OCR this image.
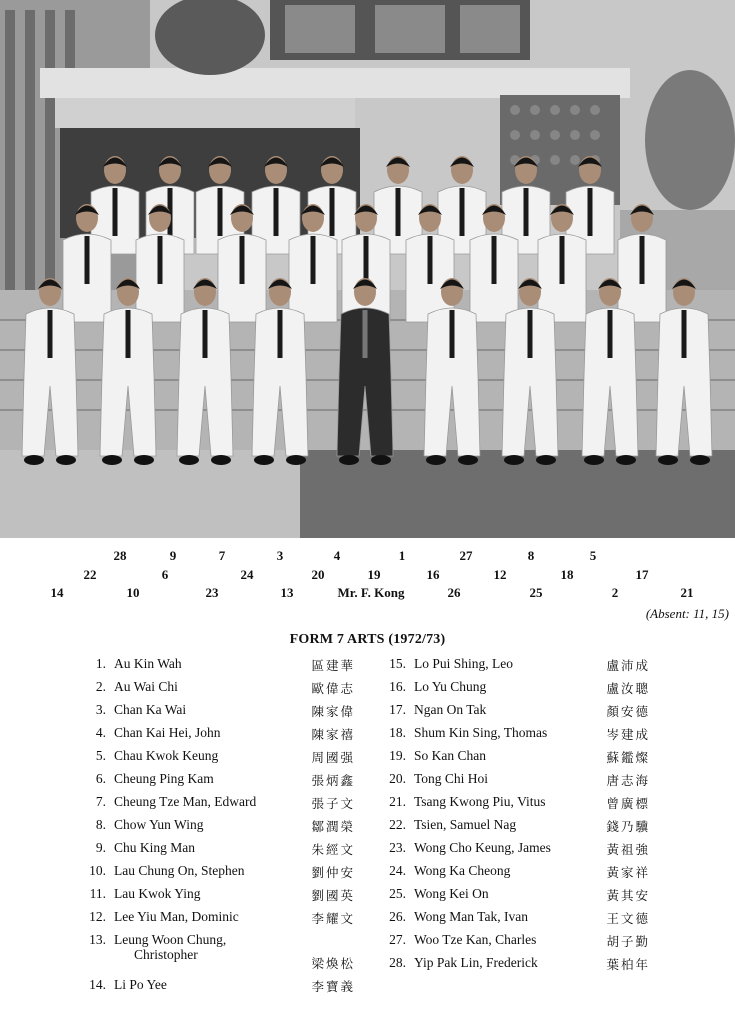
28	9	7	3	4	1	27	8	5
22	6	24	20	19	16	12	18	17
14	10	23	13	Mr. F. Kong	26	25	2	21
(Absent: 11, 15)
FORM 7 ARTS (1972/73)
1. Au Kin Wah	區建華
2. Au Wai Chi	歐偉志
3. Chan Ka Wai	陳家偉
4. Chan Kai Hei, John	陳家禧
5. Chau Kwok Keung	周國强
6. Cheung Ping Kam	張炳鑫
7. Cheung Tze Man, Edward	張子文
8. Chow Yun Wing	鄒潤榮
9. Chu King Man	朱經文
10. Lau Chung On, Stephen	劉仲安
11. Lau Kwok Ying	劉國英
12. Lee Yiu Man, Dominic	李耀文
13. Leung Woon Chung,
Christopher
梁煥松
14. Li Po Yee	李寶義
15. Lo Pui Shing, Leo	盧沛成
16. Lo Yu Chung	盧汝聰
17. Ngan On Tak	顏安德
18. Shum Kin Sing, Thomas	岑建成
19. So Kan Chan	蘇鑑燦
20. Tong Chi Hoi	唐志海
21. Tsang Kwong Piu, Vitus	曾廣標
22. Tsien, Samuel Nag	錢乃驥
23. Wong Cho Keung, James	黃祖強
24. Wong Ka Cheong	黃家祥
25. Wong Kei On	黃其安
26. Wong Man Tak, Ivan	王文德
27. Woo Tze Kan, Charles	胡子勤
28. Yip Pak Lin, Frederick	葉柏年
